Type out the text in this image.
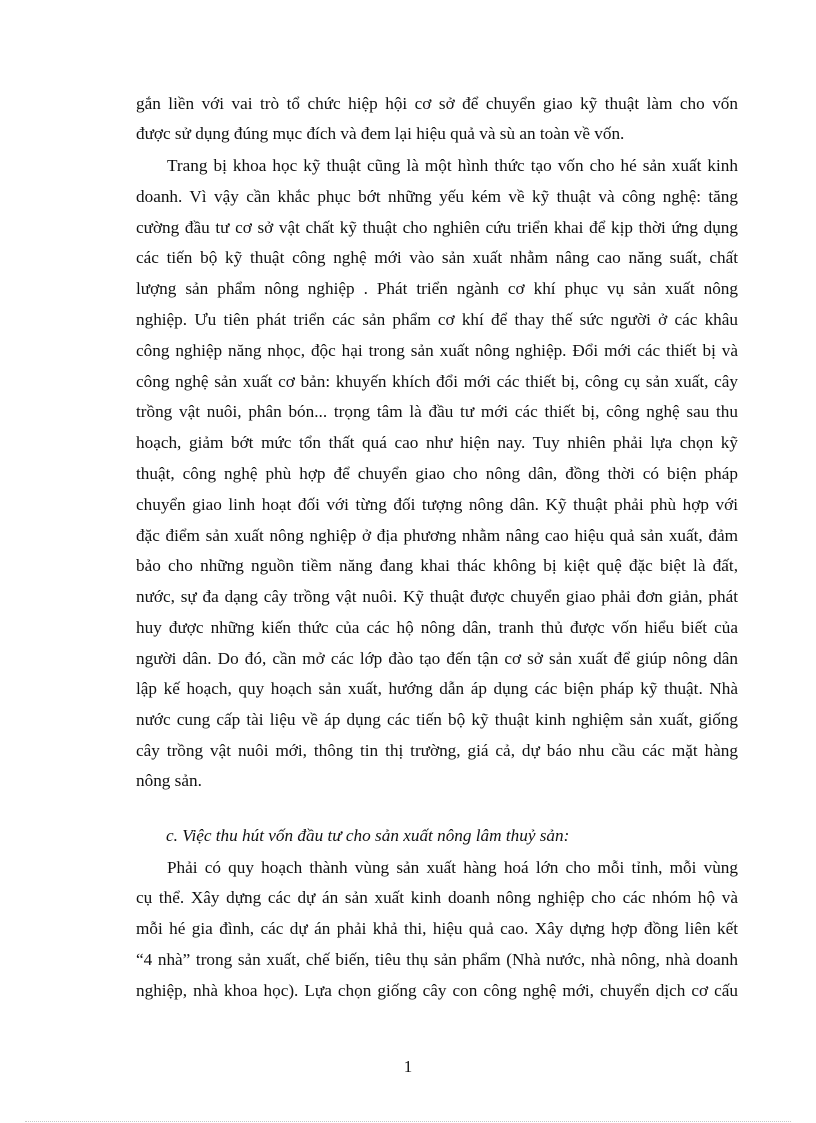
gắn liền với vai trò tổ chức hiệp hội cơ sở để chuyển giao kỹ thuật làm cho vốn

được sử dụng đúng mục đích và đem lại hiệu quả và sù an toàn về vốn.

Trang bị khoa học kỹ thuật cũng là một hình thức tạo vốn cho hé sản xuất kinh

doanh. Vì vậy cần khắc phục bớt những yếu kém về kỹ thuật và công nghệ: tăng

cường đầu tư cơ sở vật chất kỹ thuật cho nghiên cứu triển khai để kịp thời ứng dụng

các tiến bộ kỹ thuật công nghệ mới vào sản xuất nhằm nâng cao năng suất, chất

lượng sản phẩm nông nghiệp . Phát triển ngành cơ khí phục vụ sản xuất nông

nghiệp. Ưu tiên phát triển các sản phẩm cơ khí để thay thế sức người ở các khâu

công nghiệp năng nhọc, độc hại trong sản xuất nông nghiệp. Đổi mới các thiết bị và

công nghệ sản xuất cơ bản: khuyến khích đổi mới các thiết bị, công cụ sản xuất, cây

trồng vật nuôi, phân bón... trọng tâm là đầu tư mới các thiết bị, công nghệ sau thu

hoạch, giảm bớt mức tổn thất quá cao như hiện nay. Tuy nhiên phải lựa chọn kỹ

thuật, công nghệ phù hợp để chuyển giao cho nông dân, đồng thời có biện pháp

chuyển giao linh hoạt đối với từng đối tượng nông dân. Kỹ thuật phải phù hợp với

đặc điểm sản xuất nông nghiệp ở địa phương nhằm nâng cao hiệu quả sản xuất, đảm

bảo cho những nguồn tiềm năng đang khai thác không bị kiệt quệ đặc biệt là đất,

nước, sự đa dạng cây trồng vật nuôi. Kỹ thuật được chuyển giao phải đơn giản, phát

huy được những kiến thức của các hộ nông dân, tranh thủ được vốn hiểu biết của

người dân. Do đó, cần mở các lớp đào tạo đến tận cơ sở sản xuất để giúp nông dân

lập kế hoạch, quy hoạch sản xuất, hướng dẫn áp dụng các biện pháp kỹ thuật. Nhà

nước cung cấp tài liệu về áp dụng các tiến bộ kỹ thuật kinh nghiệm sản xuất, giống

cây trồng vật nuôi mới, thông tin thị trường, giá cả, dự báo nhu cầu các mặt hàng

nông sản.

c. Việc thu hút vốn đầu tư cho sản xuất nông lâm thuỷ sản:

Phải có quy hoạch thành vùng sản xuất hàng hoá lớn cho mỗi tỉnh, mỗi vùng

cụ thể. Xây dựng các dự án sản xuất kinh doanh nông nghiệp cho các nhóm hộ và

mỗi hé gia đình, các dự án phải khả thi, hiệu quả cao. Xây dựng hợp đồng liên kết

“4 nhà” trong sản xuất, chế biến, tiêu thụ sản phẩm (Nhà nước, nhà nông, nhà doanh

nghiệp, nhà khoa học). Lựa chọn giống cây con công nghệ mới, chuyển dịch cơ cấu

1
